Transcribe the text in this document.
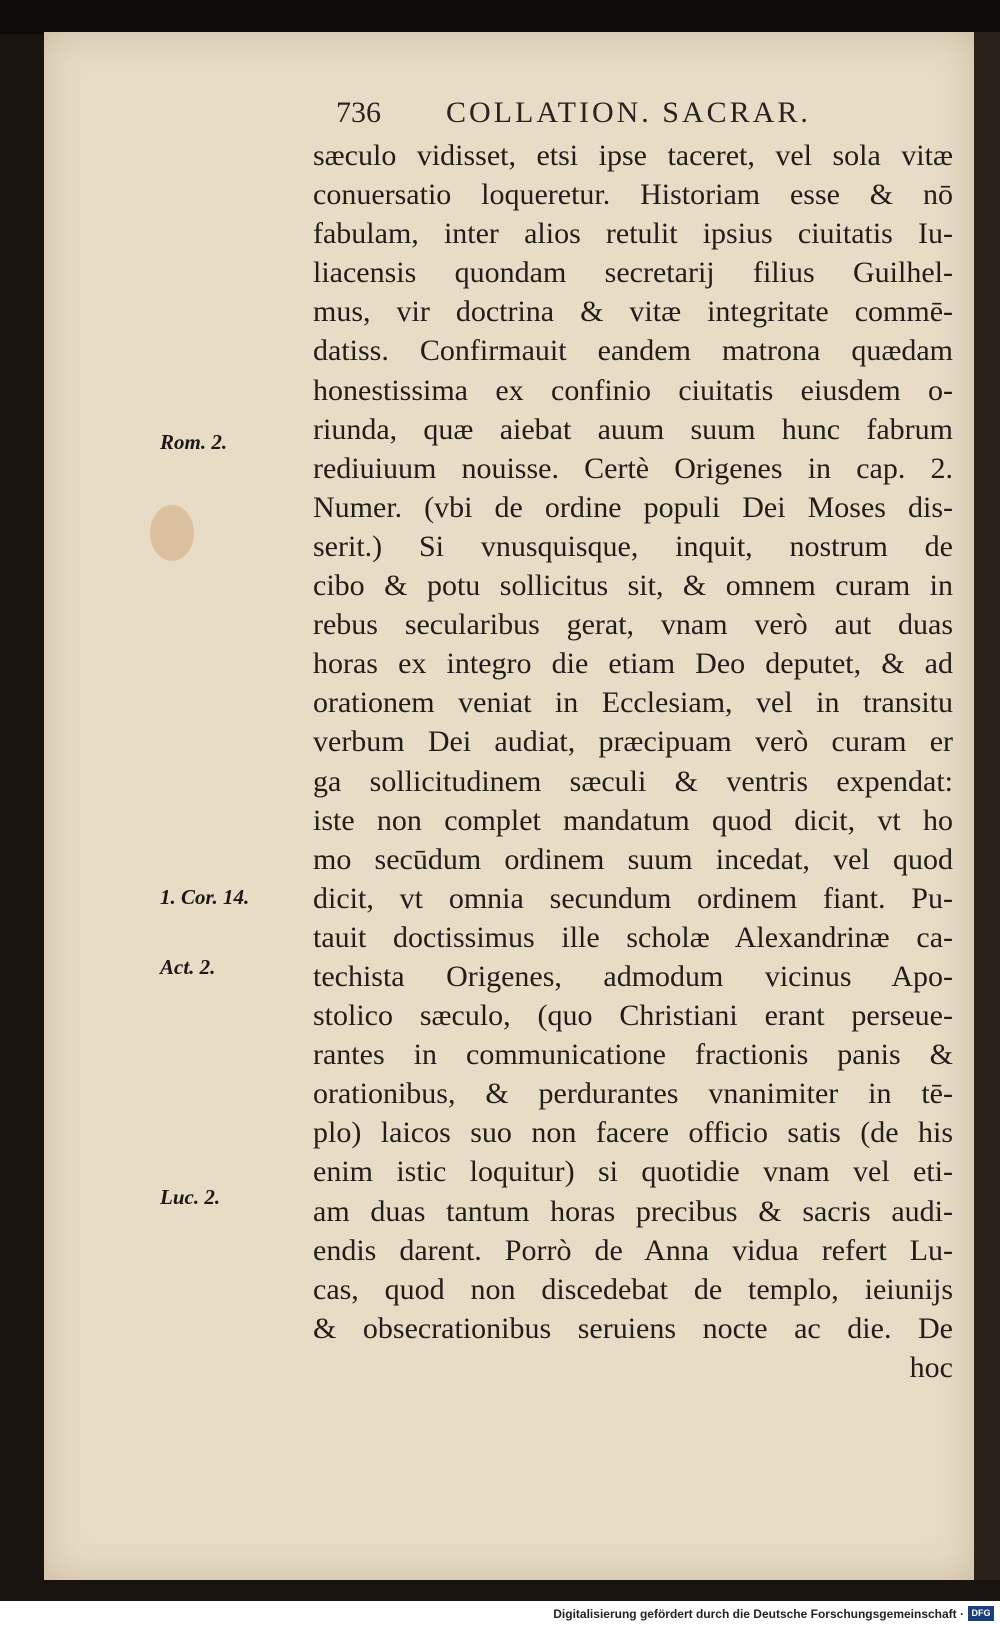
736 COLLATION. SACRAR.
Rom. 2.
1. Cor. 14.
Act. 2.
Luc. 2.
sæculo vidisset, etsi ipse taceret, vel sola vitæ
conuersatio loqueretur. Historiam esse & nō
fabulam, inter alios retulit ipsius ciuitatis Iu-
liacensis quondam secretarij filius Guilhel-
mus, vir doctrina & vitæ integritate commē-
datiss. Confirmauit eandem matrona quædam
honestissima ex confinio ciuitatis eiusdem o-
riunda, quæ aiebat auum suum hunc fabrum
rediuiuum nouisse. Certè Origenes in cap. 2.
Numer. (vbi de ordine populi Dei Moses dis-
serit.) Si vnusquisque, inquit, nostrum de
cibo & potu sollicitus sit, & omnem curam in
rebus secularibus gerat, vnam verò aut duas
horas ex integro die etiam Deo deputet, & ad
orationem veniat in Ecclesiam, vel in transitu
verbum Dei audiat, præcipuam verò curam er
ga sollicitudinem sæculi & ventris expendat:
iste non complet mandatum quod dicit, vt ho
mo secūdum ordinem suum incedat, vel quod
dicit, vt omnia secundum ordinem fiant. Pu-
tauit doctissimus ille scholæ Alexandrinæ ca-
techista Origenes, admodum vicinus Apo-
stolico sæculo, (quo Christiani erant perseue-
rantes in communicatione fractionis panis &
orationibus, & perdurantes vnanimiter in tē-
plo) laicos suo non facere officio satis (de his
enim istic loquitur) si quotidie vnam vel eti-
am duas tantum horas precibus & sacris audi-
endis darent. Porrò de Anna vidua refert Lu-
cas, quod non discedebat de templo, ieiunijs
& obsecrationibus seruiens nocte ac die. De
hoc
Digitalisierung gefördert durch die Deutsche Forschungsgemeinschaft · DFG
